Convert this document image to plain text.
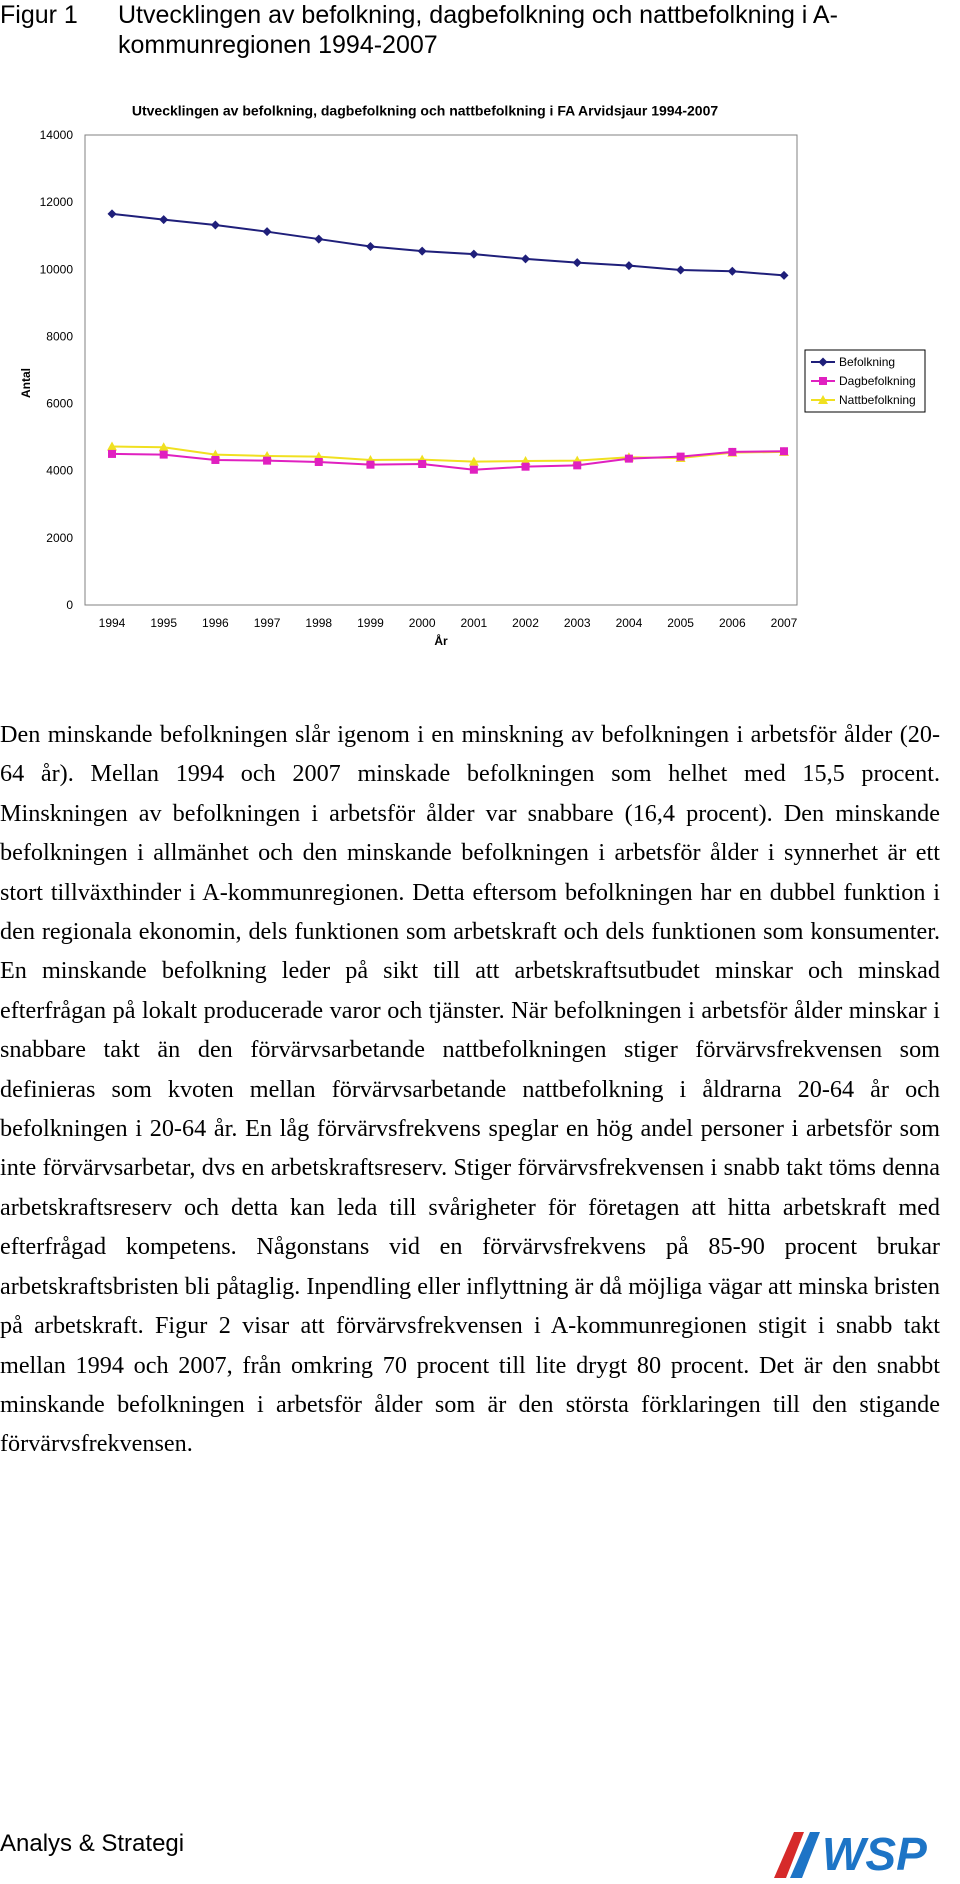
Figur 1 Utvecklingen av befolkning, dagbefolkning och nattbefolkning i A-
kommunregionen 1994-2007
Utvecklingen av befolkning, dagbefolkning och nattbefolkning i FA Arvidsjaur 1994-2007
0
2000
4000
6000
8000
10000
12000
14000
1994 1995 1996 1997 1998 1999 2000 2001 2002 2003 2004 2005 2006 2007
Antal
År
Befolkning
Dagbefolkning
Nattbefolkning

Den minskande befolkningen slår igenom i en minskning av befolkningen i arbetsför ålder (20-64 år). Mellan 1994 och 2007 minskade befolkningen som helhet med 15,5 procent. Minskningen av befolkningen i arbetsför ålder var snabbare (16,4 procent). Den minskande befolkningen i allmänhet och den minskande befolkningen i arbetsför ålder i synnerhet är ett stort tillväxthinder i A-kommunregionen. Detta eftersom befolkningen har en dubbel funktion i den regionala ekonomin, dels funktionen som arbetskraft och dels funktionen som konsumenter. En minskande befolkning leder på sikt till att arbetskraftsutbudet minskar och minskad efterfrågan på lokalt producerade varor och tjänster. När befolkningen i arbetsför ålder minskar i snabbare takt än den förvärvsarbetande nattbefolkningen stiger förvärvsfrekvensen som definieras som kvoten mellan förvärvsarbetande nattbefolkning i åldrarna 20-64 år och befolkningen i 20-64 år. En låg förvärvsfrekvens speglar en hög andel personer i arbetsför som inte förvärvsarbetar, dvs en arbetskraftsreserv. Stiger förvärvsfrekvensen i snabb takt töms denna arbetskraftsreserv och detta kan leda till svårigheter för företagen att hitta arbetskraft med efterfrågad kompetens. Någonstans vid en förvärvsfrekvens på 85-90 procent brukar arbetskraftsbristen bli påtaglig. Inpendling eller inflyttning är då möjliga vägar att minska bristen på arbetskraft. Figur 2 visar att förvärvsfrekvensen i A-kommunregionen stigit i snabb takt mellan 1994 och 2007, från omkring 70 procent till lite drygt 80 procent. Det är den snabbt minskande befolkningen i arbetsför ålder som är den största förklaringen till den stigande förvärvsfrekvensen.

Analys & Strategi	WSP
